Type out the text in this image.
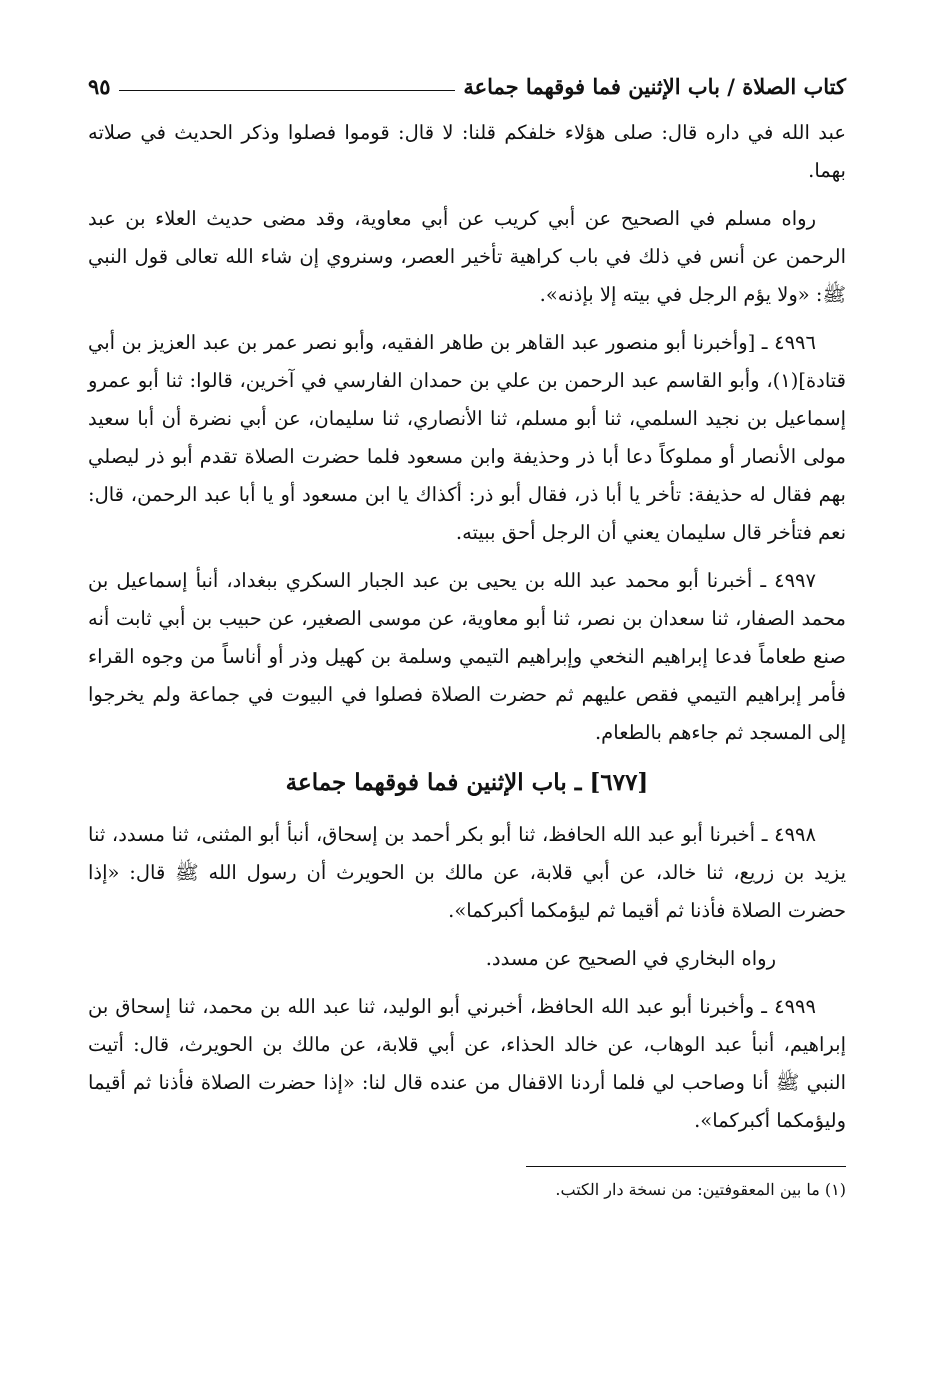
كتاب الصلاة / باب الإثنين فما فوقهما جماعة
٩٥

عبد الله في داره قال: صلى هؤلاء خلفكم قلنا: لا قال: قوموا فصلوا وذكر الحديث في صلاته بهما.

رواه مسلم في الصحيح عن أبي كريب عن أبي معاوية، وقد مضى حديث العلاء بن عبد الرحمن عن أنس في ذلك في باب كراهية تأخير العصر، وسنروي إن شاء الله تعالى قول النبي ﷺ: «ولا يؤم الرجل في بيته إلا بإذنه».

٤٩٩٦ ـ [وأخبرنا أبو منصور عبد القاهر بن طاهر الفقيه، وأبو نصر عمر بن عبد العزيز بن أبي قتادة](١)، وأبو القاسم عبد الرحمن بن علي بن حمدان الفارسي في آخرين، قالوا: ثنا أبو عمرو إسماعيل بن نجيد السلمي، ثنا أبو مسلم، ثنا الأنصاري، ثنا سليمان، عن أبي نضرة أن أبا سعيد مولى الأنصار أو مملوكاً دعا أبا ذر وحذيفة وابن مسعود فلما حضرت الصلاة تقدم أبو ذر ليصلي بهم فقال له حذيفة: تأخر يا أبا ذر، فقال أبو ذر: أكذاك يا ابن مسعود أو يا أبا عبد الرحمن، قال: نعم فتأخر قال سليمان يعني أن الرجل أحق ببيته.

٤٩٩٧ ـ أخبرنا أبو محمد عبد الله بن يحيى بن عبد الجبار السكري ببغداد، أنبأ إسماعيل بن محمد الصفار، ثنا سعدان بن نصر، ثنا أبو معاوية، عن موسى الصغير، عن حبيب بن أبي ثابت أنه صنع طعاماً فدعا إبراهيم النخعي وإبراهيم التيمي وسلمة بن كهيل وذر أو أناساً من وجوه القراء فأمر إبراهيم التيمي فقص عليهم ثم حضرت الصلاة فصلوا في البيوت في جماعة ولم يخرجوا إلى المسجد ثم جاءهم بالطعام.

[٦٧٧] ـ باب الإثنين فما فوقهما جماعة

٤٩٩٨ ـ أخبرنا أبو عبد الله الحافظ، ثنا أبو بكر أحمد بن إسحاق، أنبأ أبو المثنى، ثنا مسدد، ثنا يزيد بن زريع، ثنا خالد، عن أبي قلابة، عن مالك بن الحويرث أن رسول الله ﷺ قال: «إذا حضرت الصلاة فأذنا ثم أقيما ثم ليؤمكما أكبركما».

رواه البخاري في الصحيح عن مسدد.

٤٩٩٩ ـ وأخبرنا أبو عبد الله الحافظ، أخبرني أبو الوليد، ثنا عبد الله بن محمد، ثنا إسحاق بن إبراهيم، أنبأ عبد الوهاب، عن خالد الحذاء، عن أبي قلابة، عن مالك بن الحويرث، قال: أتيت النبي ﷺ أنا وصاحب لي فلما أردنا الاقفال من عنده قال لنا: «إذا حضرت الصلاة فأذنا ثم أقيما وليؤمكما أكبركما».

(١) ما بين المعقوفتين: من نسخة دار الكتب.
